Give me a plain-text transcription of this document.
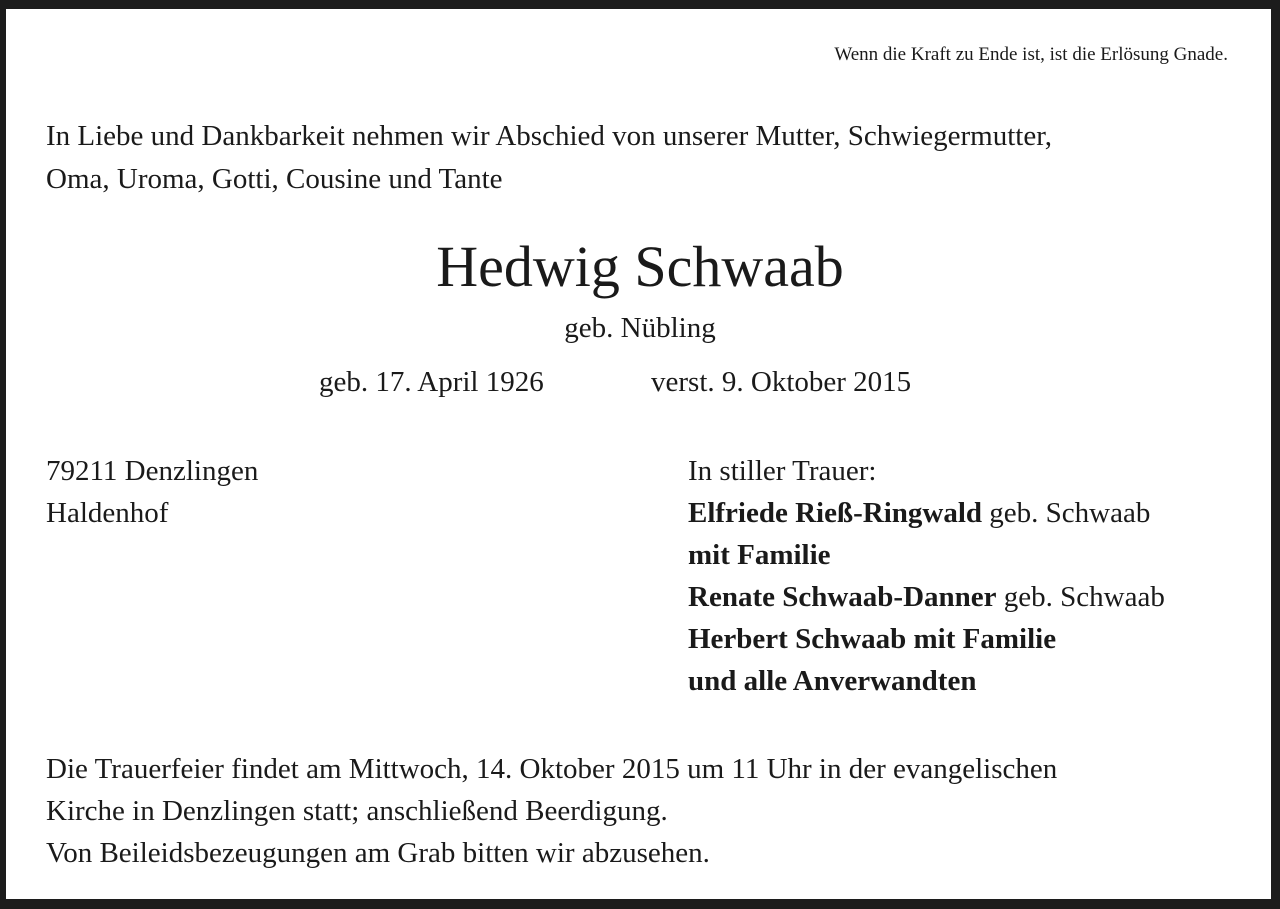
Wenn die Kraft zu Ende ist, ist die Erlösung Gnade.
In Liebe und Dankbarkeit nehmen wir Abschied von unserer Mutter, Schwiegermutter,
Oma, Uroma, Gotti, Cousine und Tante
Hedwig Schwaab
geb. Nübling
geb. 17. April 1926	verst. 9. Oktober 2015
79211 Denzlingen
Haldenhof
In stiller Trauer:
Elfriede Rieß-Ringwald geb. Schwaab
mit Familie
Renate Schwaab-Danner geb. Schwaab
Herbert Schwaab mit Familie
und alle Anverwandten
Die Trauerfeier findet am Mittwoch, 14. Oktober 2015 um 11 Uhr in der evangelischen
Kirche in Denzlingen statt; anschließend Beerdigung.
Von Beileidsbezeugungen am Grab bitten wir abzusehen.
